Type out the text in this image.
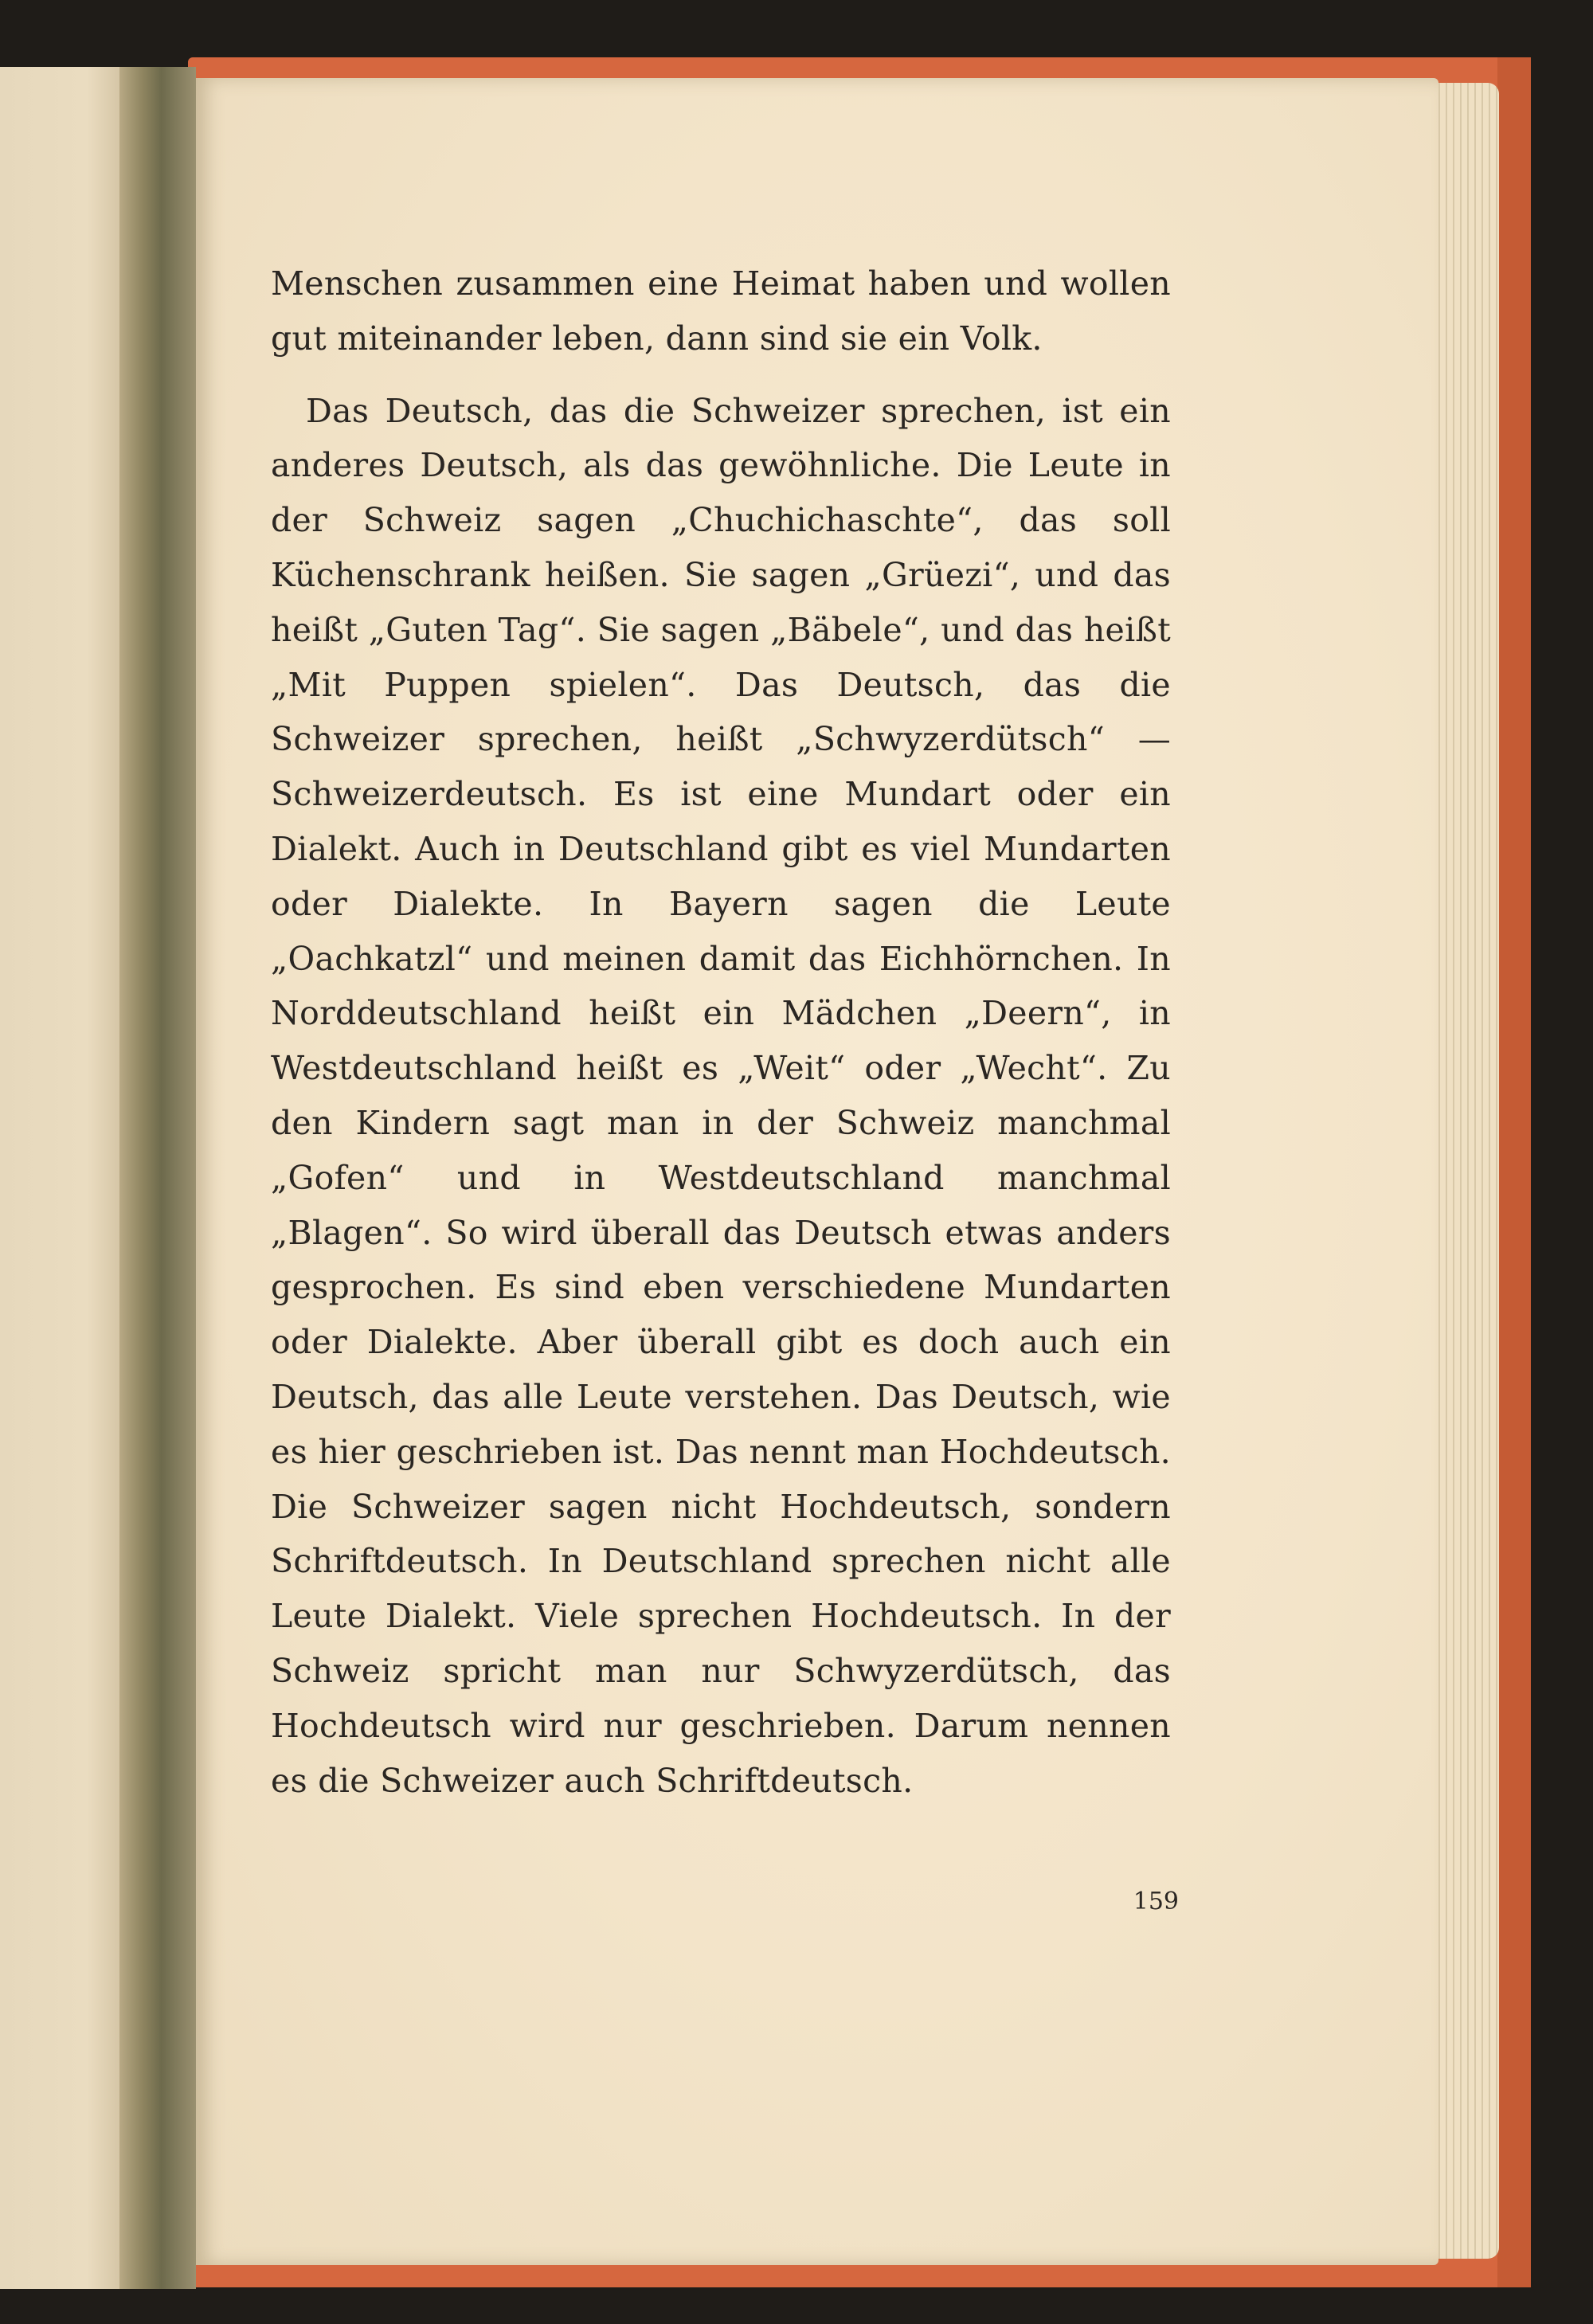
Menschen zusammen eine Heimat haben und wollen gut miteinander leben, dann sind sie ein Volk.

Das Deutsch, das die Schweizer sprechen, ist ein anderes Deutsch, als das gewöhnliche. Die Leute in der Schweiz sagen „Chuchichaschte“, das soll Küchenschrank heißen. Sie sagen „Grüezi“, und das heißt „Guten Tag“. Sie sagen „Bäbele“, und das heißt „Mit Puppen spielen“. Das Deutsch, das die Schweizer sprechen, heißt „Schwyzerdütsch“ — Schweizerdeutsch. Es ist eine Mundart oder ein Dialekt. Auch in Deutschland gibt es viel Mundarten oder Dialekte. In Bayern sagen die Leute „Oachkatzl“ und meinen damit das Eichhörnchen. In Norddeutschland heißt ein Mädchen „Deern“, in Westdeutschland heißt es „Weit“ oder „Wecht“. Zu den Kindern sagt man in der Schweiz manchmal „Gofen“ und in Westdeutschland manchmal „Blagen“. So wird überall das Deutsch etwas anders gesprochen. Es sind eben verschiedene Mundarten oder Dialekte. Aber überall gibt es doch auch ein Deutsch, das alle Leute verstehen. Das Deutsch, wie es hier geschrieben ist. Das nennt man Hochdeutsch. Die Schweizer sagen nicht Hochdeutsch, sondern Schriftdeutsch. In Deutschland sprechen nicht alle Leute Dialekt. Viele sprechen Hochdeutsch. In der Schweiz spricht man nur Schwyzerdütsch, das Hochdeutsch wird nur geschrieben. Darum nennen es die Schweizer auch Schriftdeutsch.

159
